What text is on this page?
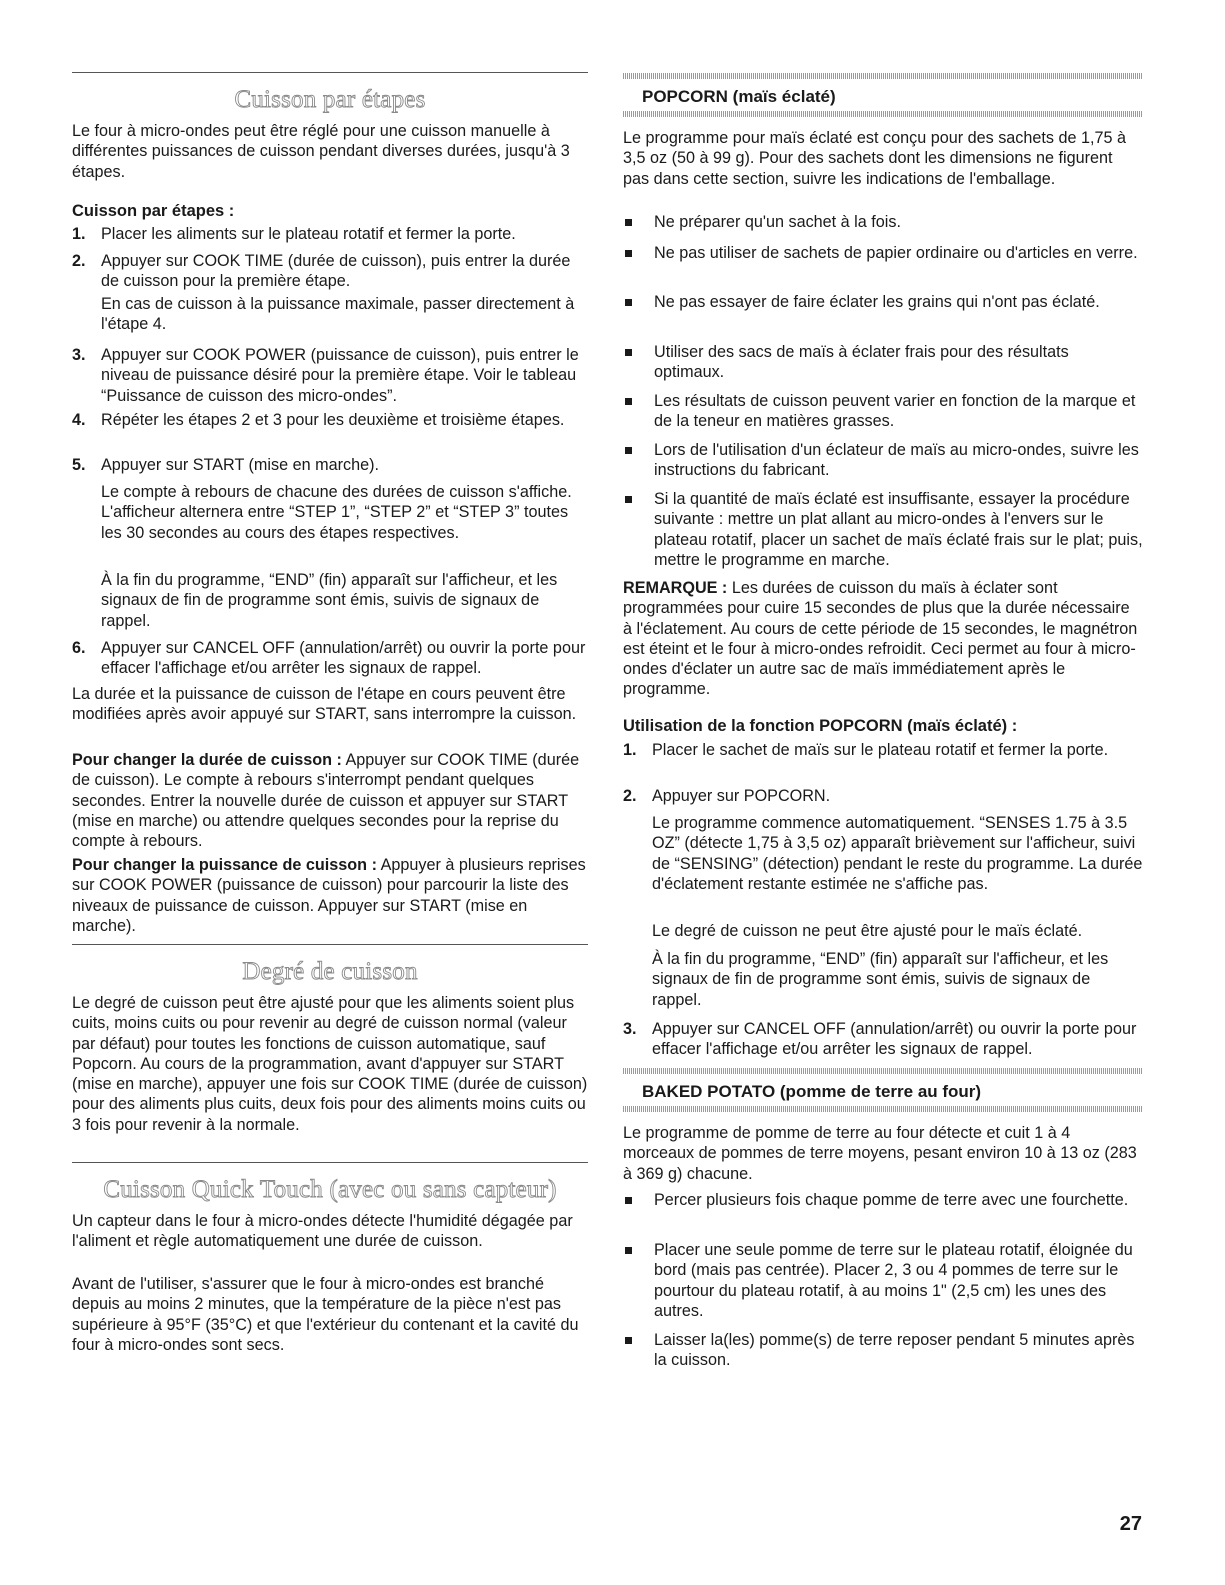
Cuisson par étapes

Le four à micro-ondes peut être réglé pour une cuisson manuelle à différentes puissances de cuisson pendant diverses durées, jusqu'à 3 étapes.

Cuisson par étapes :
1. Placer les aliments sur le plateau rotatif et fermer la porte.
2. Appuyer sur COOK TIME (durée de cuisson), puis entrer la durée de cuisson pour la première étape.
En cas de cuisson à la puissance maximale, passer directement à l'étape 4.
3. Appuyer sur COOK POWER (puissance de cuisson), puis entrer le niveau de puissance désiré pour la première étape. Voir le tableau “Puissance de cuisson des micro-ondes”.
4. Répéter les étapes 2 et 3 pour les deuxième et troisième étapes.
5. Appuyer sur START (mise en marche).
Le compte à rebours de chacune des durées de cuisson s'affiche. L'afficheur alternera entre “STEP 1”, “STEP 2” et “STEP 3” toutes les 30 secondes au cours des étapes respectives.
À la fin du programme, “END” (fin) apparaît sur l'afficheur, et les signaux de fin de programme sont émis, suivis de signaux de rappel.
6. Appuyer sur CANCEL OFF (annulation/arrêt) ou ouvrir la porte pour effacer l'affichage et/ou arrêter les signaux de rappel.

La durée et la puissance de cuisson de l'étape en cours peuvent être modifiées après avoir appuyé sur START, sans interrompre la cuisson.

Pour changer la durée de cuisson : Appuyer sur COOK TIME (durée de cuisson). Le compte à rebours s'interrompt pendant quelques secondes. Entrer la nouvelle durée de cuisson et appuyer sur START (mise en marche) ou attendre quelques secondes pour la reprise du compte à rebours.

Pour changer la puissance de cuisson : Appuyer à plusieurs reprises sur COOK POWER (puissance de cuisson) pour parcourir la liste des niveaux de puissance de cuisson. Appuyer sur START (mise en marche).

Degré de cuisson

Le degré de cuisson peut être ajusté pour que les aliments soient plus cuits, moins cuits ou pour revenir au degré de cuisson normal (valeur par défaut) pour toutes les fonctions de cuisson automatique, sauf Popcorn. Au cours de la programmation, avant d'appuyer sur START (mise en marche), appuyer une fois sur COOK TIME (durée de cuisson) pour des aliments plus cuits, deux fois pour des aliments moins cuits ou 3 fois pour revenir à la normale.

Cuisson Quick Touch (avec ou sans capteur)

Un capteur dans le four à micro-ondes détecte l'humidité dégagée par l'aliment et règle automatiquement une durée de cuisson.

Avant de l'utiliser, s'assurer que le four à micro-ondes est branché depuis au moins 2 minutes, que la température de la pièce n'est pas supérieure à 95°F (35°C) et que l'extérieur du contenant et la cavité du four à micro-ondes sont secs.

POPCORN (maïs éclaté)

Le programme pour maïs éclaté est conçu pour des sachets de 1,75 à 3,5 oz (50 à 99 g). Pour des sachets dont les dimensions ne figurent pas dans cette section, suivre les indications de l'emballage.

Ne préparer qu'un sachet à la fois.
Ne pas utiliser de sachets de papier ordinaire ou d'articles en verre.
Ne pas essayer de faire éclater les grains qui n'ont pas éclaté.
Utiliser des sacs de maïs à éclater frais pour des résultats optimaux.
Les résultats de cuisson peuvent varier en fonction de la marque et de la teneur en matières grasses.
Lors de l'utilisation d'un éclateur de maïs au micro-ondes, suivre les instructions du fabricant.
Si la quantité de maïs éclaté est insuffisante, essayer la procédure suivante : mettre un plat allant au micro-ondes à l'envers sur le plateau rotatif, placer un sachet de maïs éclaté frais sur le plat; puis, mettre le programme en marche.

REMARQUE : Les durées de cuisson du maïs à éclater sont programmées pour cuire 15 secondes de plus que la durée nécessaire à l'éclatement. Au cours de cette période de 15 secondes, le magnétron est éteint et le four à micro-ondes refroidit. Ceci permet au four à micro-ondes d'éclater un autre sac de maïs immédiatement après le programme.

Utilisation de la fonction POPCORN (maïs éclaté) :
1. Placer le sachet de maïs sur le plateau rotatif et fermer la porte.
2. Appuyer sur POPCORN.
Le programme commence automatiquement. “SENSES 1.75 à 3.5 OZ” (détecte 1,75 à 3,5 oz) apparaît brièvement sur l'afficheur, suivi de “SENSING” (détection) pendant le reste du programme. La durée d'éclatement restante estimée ne s'affiche pas.
Le degré de cuisson ne peut être ajusté pour le maïs éclaté.
À la fin du programme, “END” (fin) apparaît sur l'afficheur, et les signaux de fin de programme sont émis, suivis de signaux de rappel.
3. Appuyer sur CANCEL OFF (annulation/arrêt) ou ouvrir la porte pour effacer l'affichage et/ou arrêter les signaux de rappel.
BAKED POTATO (pomme de terre au four)

Le programme de pomme de terre au four détecte et cuit 1 à 4 morceaux de pommes de terre moyens, pesant environ 10 à 13 oz (283 à 369 g) chacune.

Percer plusieurs fois chaque pomme de terre avec une fourchette.
Placer une seule pomme de terre sur le plateau rotatif, éloignée du bord (mais pas centrée). Placer 2, 3 ou 4 pommes de terre sur le pourtour du plateau rotatif, à au moins 1" (2,5 cm) les unes des autres.
Laisser la(les) pomme(s) de terre reposer pendant 5 minutes après la cuisson.
27
